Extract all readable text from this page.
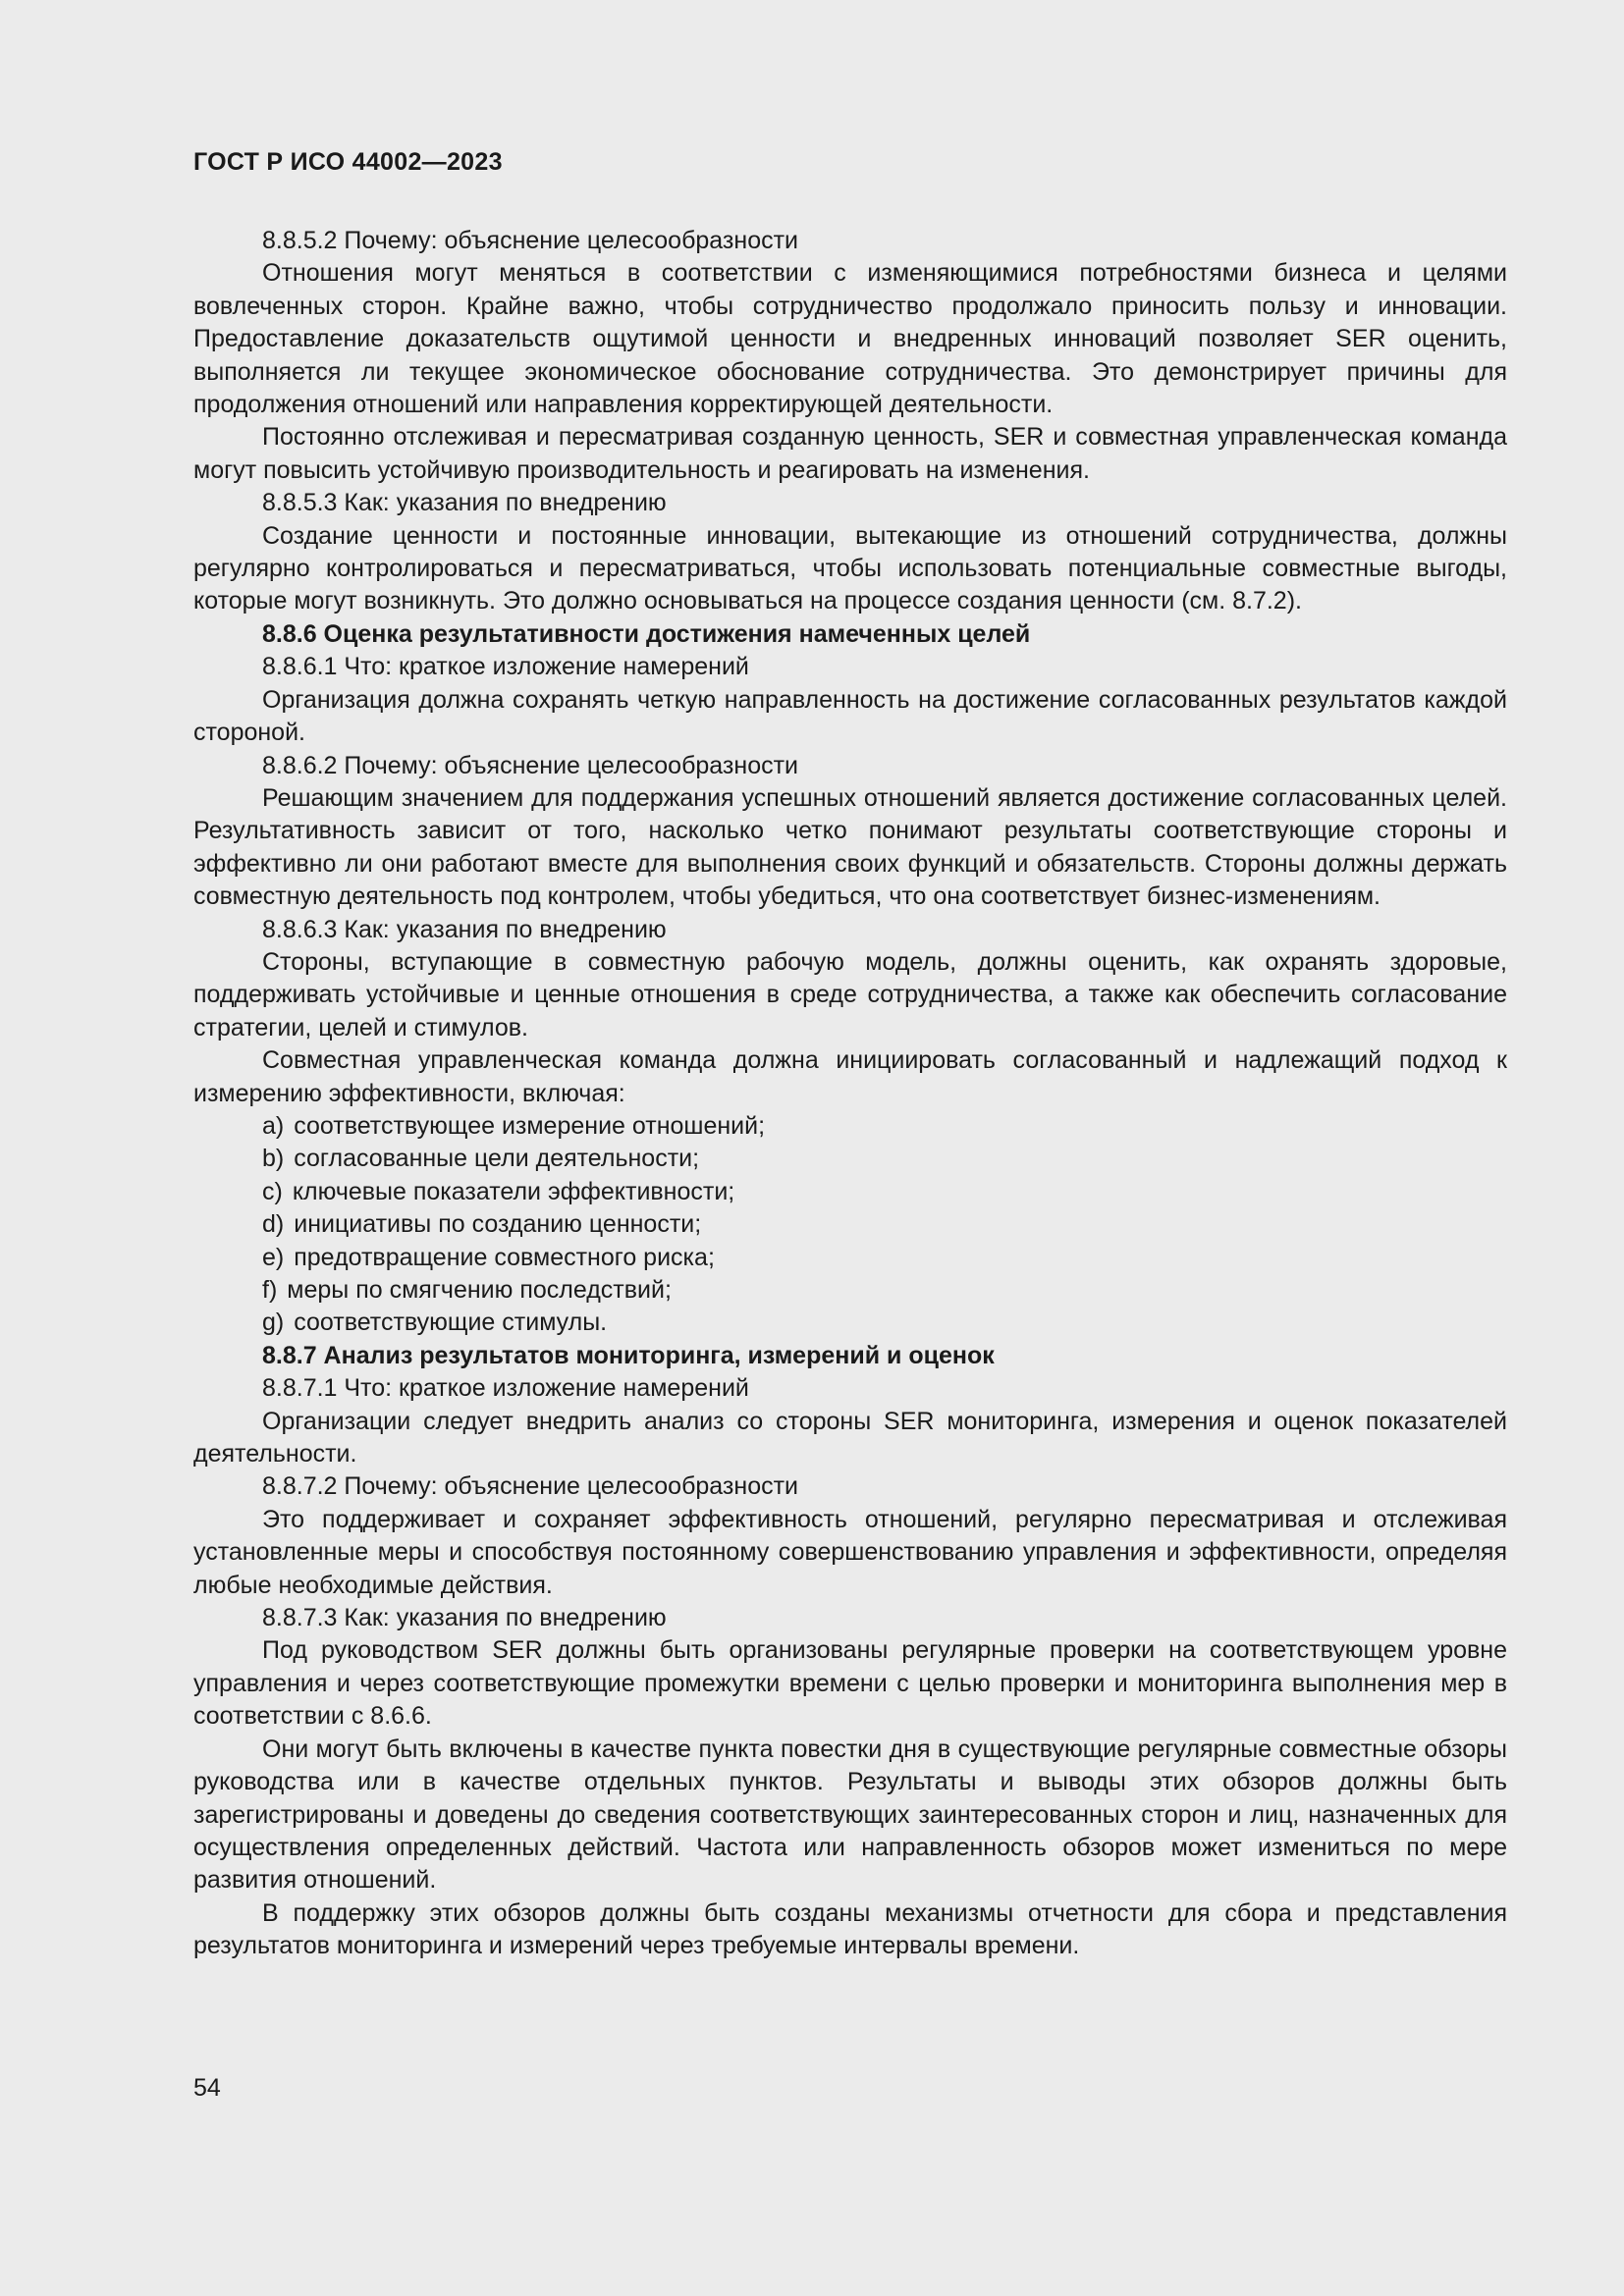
ГОСТ Р ИСО 44002—2023

8.8.5.2 Почему: объяснение целесообразности

Отношения могут меняться в соответствии с изменяющимися потребностями бизнеса и целями вовлеченных сторон. Крайне важно, чтобы сотрудничество продолжало приносить пользу и инновации. Предоставление доказательств ощутимой ценности и внедренных инноваций позволяет SER оценить, выполняется ли текущее экономическое обоснование сотрудничества. Это демонстрирует причины для продолжения отношений или направления корректирующей деятельности.

Постоянно отслеживая и пересматривая созданную ценность, SER и совместная управленческая команда могут повысить устойчивую производительность и реагировать на изменения.

8.8.5.3 Как: указания по внедрению

Создание ценности и постоянные инновации, вытекающие из отношений сотрудничества, должны регулярно контролироваться и пересматриваться, чтобы использовать потенциальные совместные выгоды, которые могут возникнуть. Это должно основываться на процессе создания ценности (см. 8.7.2).

8.8.6 Оценка результативности достижения намеченных целей

8.8.6.1 Что: краткое изложение намерений

Организация должна сохранять четкую направленность на достижение согласованных результатов каждой стороной.

8.8.6.2 Почему: объяснение целесообразности

Решающим значением для поддержания успешных отношений является достижение согласованных целей. Результативность зависит от того, насколько четко понимают результаты соответствующие стороны и эффективно ли они работают вместе для выполнения своих функций и обязательств. Стороны должны держать совместную деятельность под контролем, чтобы убедиться, что она соответствует бизнес-изменениям.

8.8.6.3 Как: указания по внедрению

Стороны, вступающие в совместную рабочую модель, должны оценить, как охранять здоровые, поддерживать устойчивые и ценные отношения в среде сотрудничества, а также как обеспечить согласование стратегии, целей и стимулов.

Совместная управленческая команда должна инициировать согласованный и надлежащий подход к измерению эффективности, включая:

a) соответствующее измерение отношений;

b) согласованные цели деятельности;

c) ключевые показатели эффективности;

d) инициативы по созданию ценности;

e) предотвращение совместного риска;

f) меры по смягчению последствий;

g) соответствующие стимулы.

8.8.7 Анализ результатов мониторинга, измерений и оценок

8.8.7.1 Что: краткое изложение намерений

Организации следует внедрить анализ со стороны SER мониторинга, измерения и оценок показателей деятельности.

8.8.7.2 Почему: объяснение целесообразности

Это поддерживает и сохраняет эффективность отношений, регулярно пересматривая и отслеживая установленные меры и способствуя постоянному совершенствованию управления и эффективности, определяя любые необходимые действия.

8.8.7.3 Как: указания по внедрению

Под руководством SER должны быть организованы регулярные проверки на соответствующем уровне управления и через соответствующие промежутки времени с целью проверки и мониторинга выполнения мер в соответствии с 8.6.6.

Они могут быть включены в качестве пункта повестки дня в существующие регулярные совместные обзоры руководства или в качестве отдельных пунктов. Результаты и выводы этих обзоров должны быть зарегистрированы и доведены до сведения соответствующих заинтересованных сторон и лиц, назначенных для осуществления определенных действий. Частота или направленность обзоров может измениться по мере развития отношений.

В поддержку этих обзоров должны быть созданы механизмы отчетности для сбора и представления результатов мониторинга и измерений через требуемые интервалы времени.

54
